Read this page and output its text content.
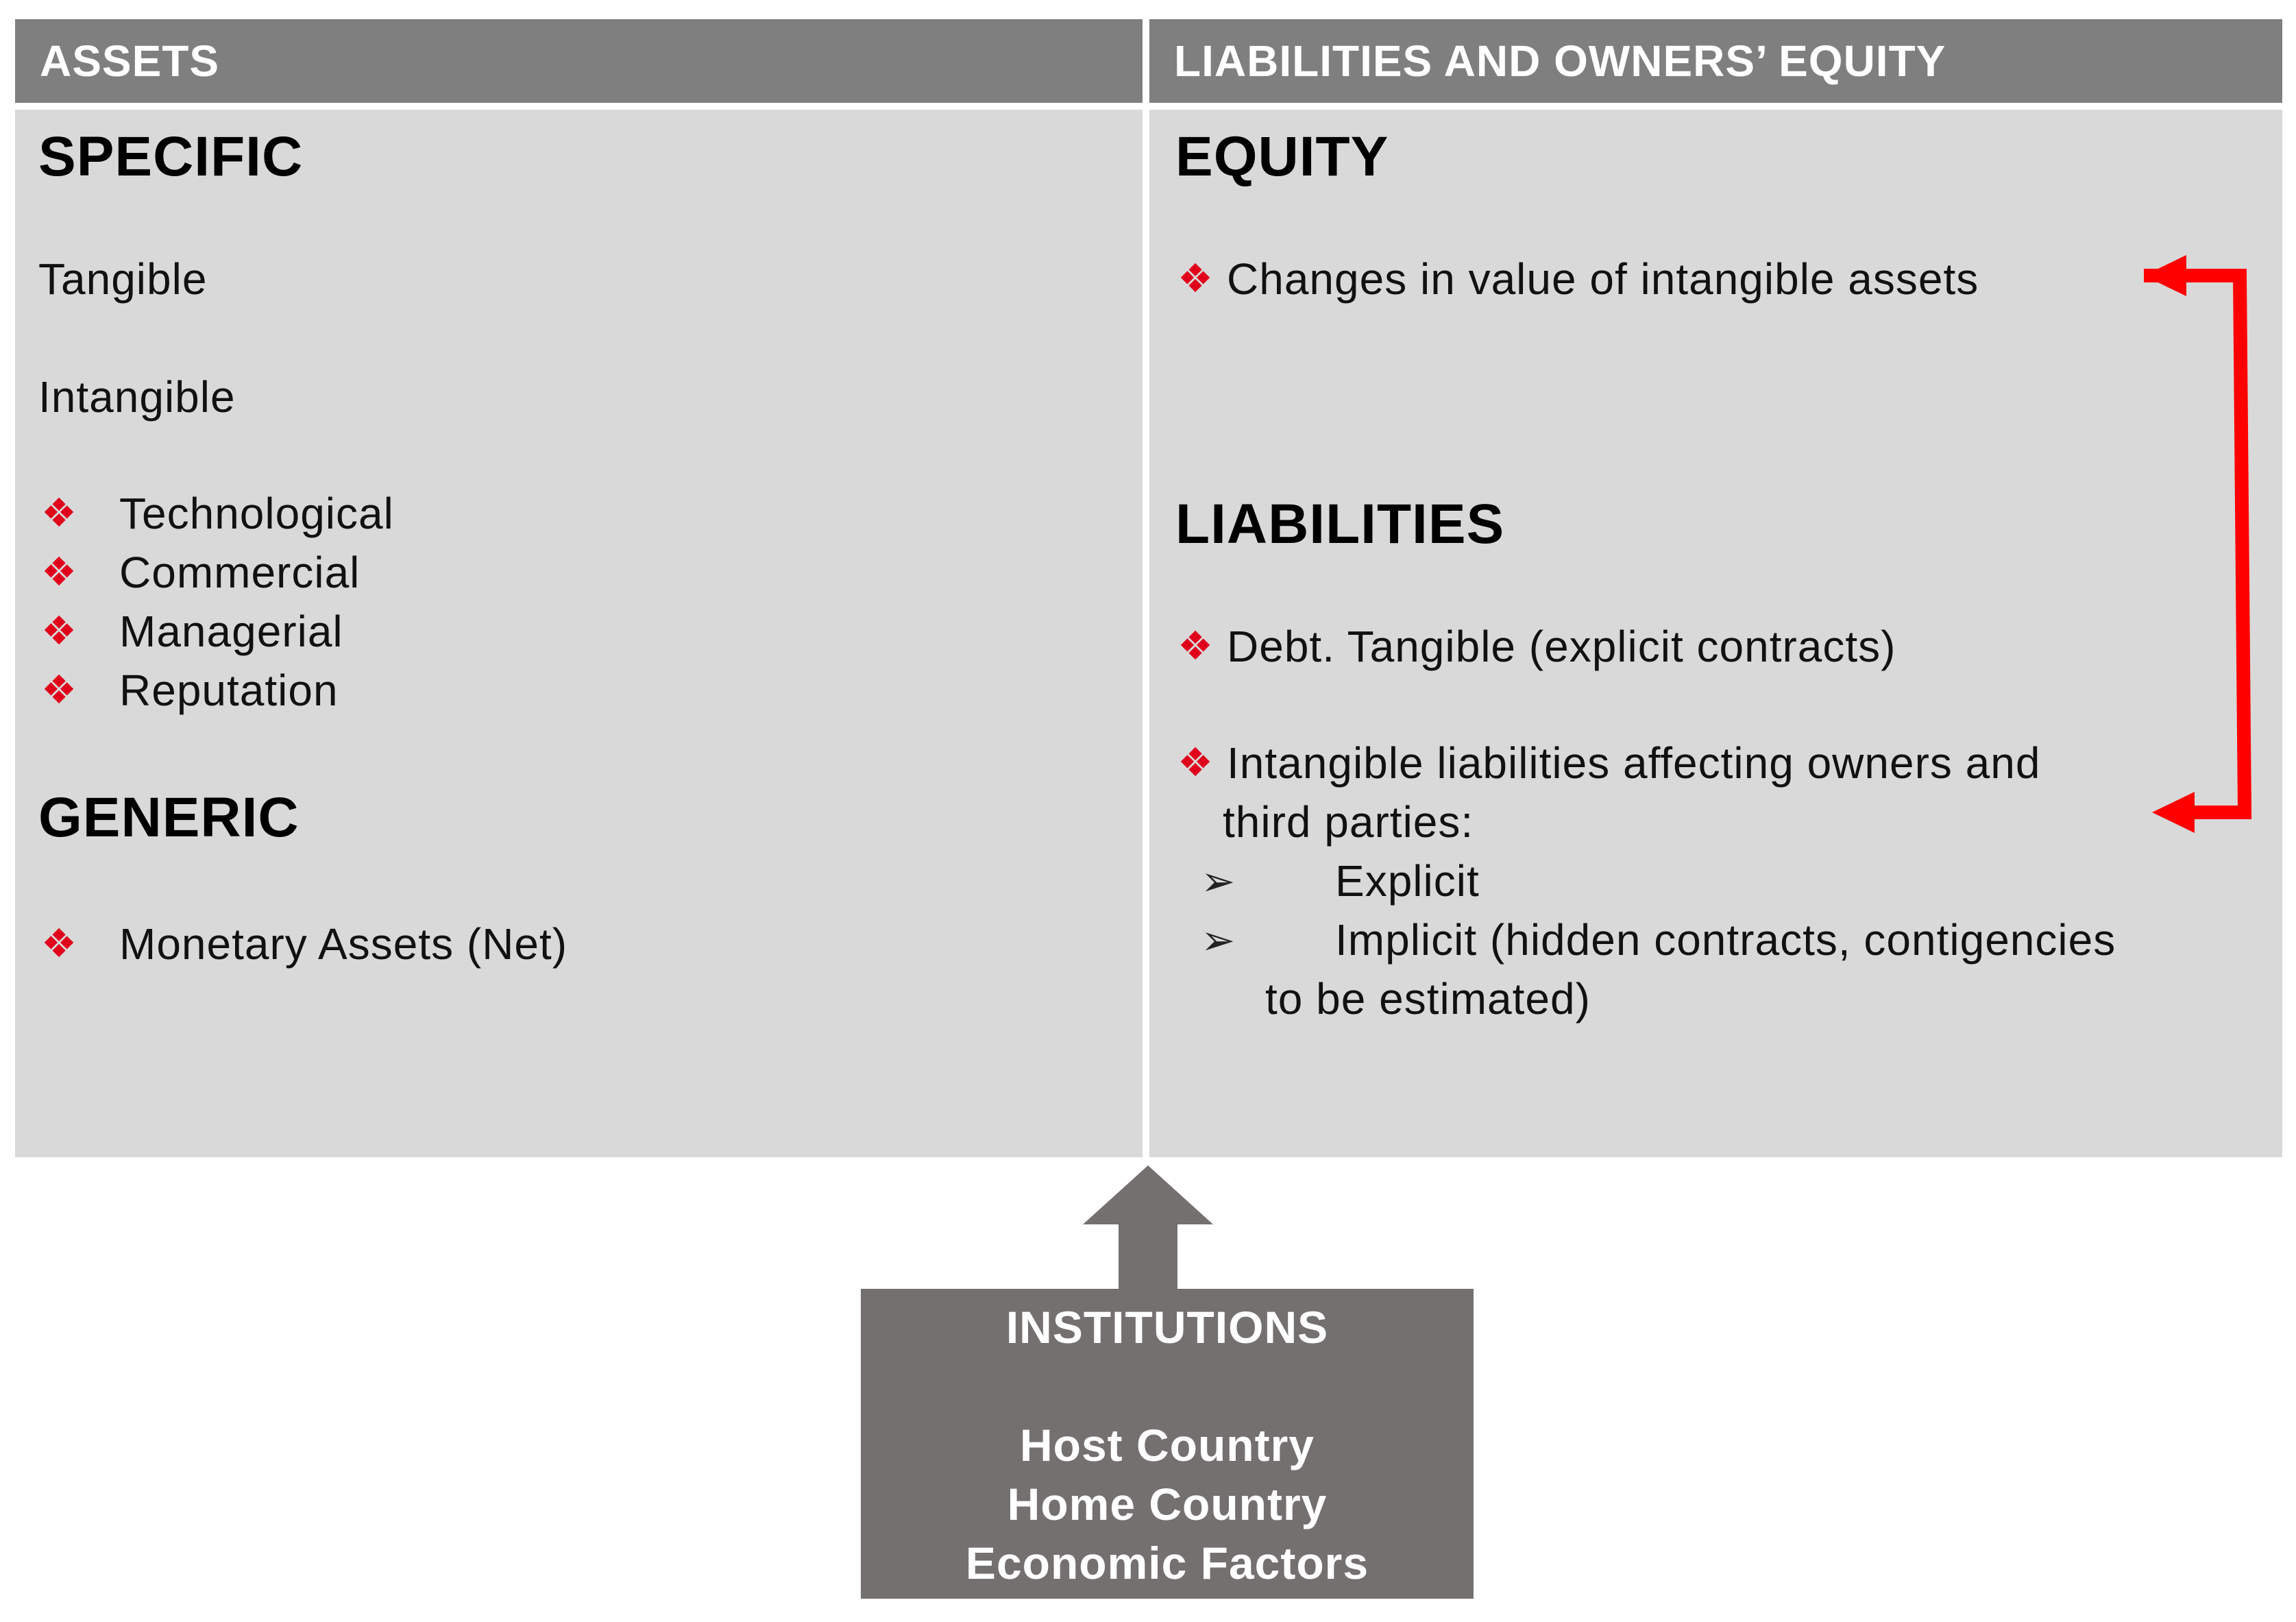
ASSETS	LIABILITIES AND OWNERS’ EQUITY
SPECIFIC
Tangible
Intangible
❖ Technological
❖ Commercial
❖ Managerial
❖ Reputation
GENERIC
❖ Monetary Assets (Net)
EQUITY
❖ Changes in value of intangible assets
LIABILITIES
❖ Debt. Tangible (explicit contracts)
❖ Intangible liabilities affecting owners and
third parties:
➢ Explicit
➢ Implicit (hidden contracts, contigencies
to be estimated)
INSTITUTIONS
Host Country
Home Country
Economic Factors
